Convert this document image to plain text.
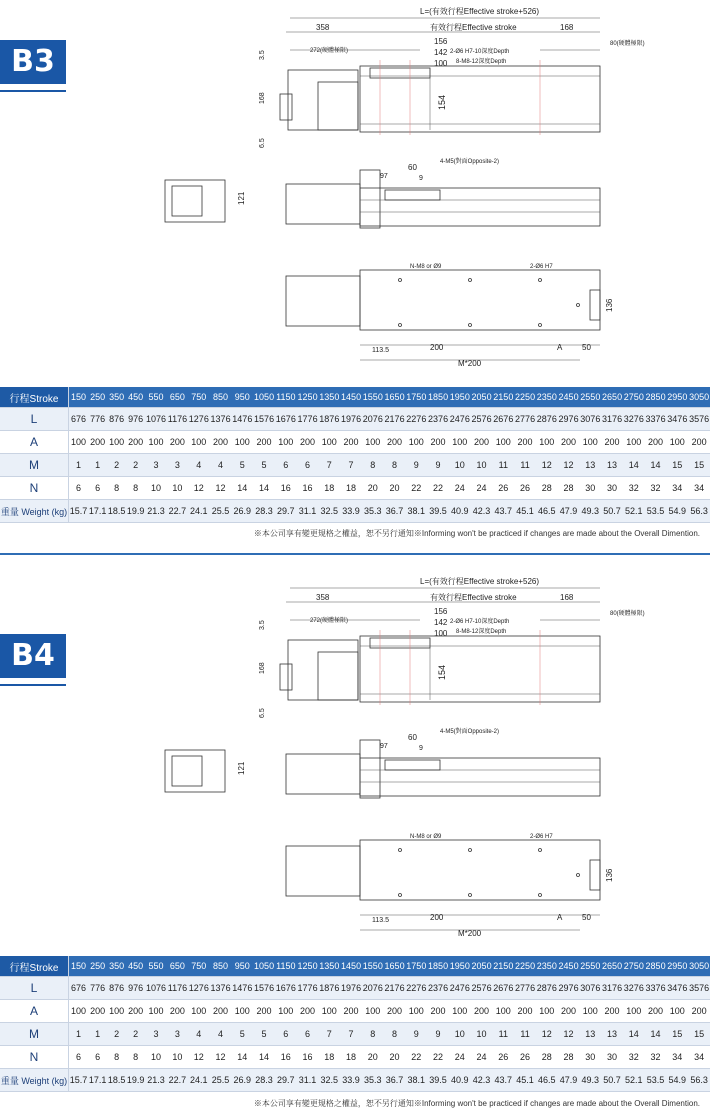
B3
L=(有效行程Effective stroke+526)
358	有效行程Effective stroke	168
156
142
100
272(硬體極限)
80(硬體極限)
2-Ø6 H7-10深度Depth
8-M8-12深度Depth
3.5
168
6.5
154
121
97
60
9
4-M5(對面Opposite-2)
N-M8 or Ø9	2-Ø6 H7
136
113.5	200	A 50
M*200
行程Stroke	150	250	350	450	550	650	750	850	950	1050	1150	1250	1350	1450	1550	1650	1750	1850	1950	2050	2150	2250	2350	2450	2550	2650	2750	2850	2950	3050
L	676	776	876	976	1076	1176	1276	1376	1476	1576	1676	1776	1876	1976	2076	2176	2276	2376	2476	2576	2676	2776	2876	2976	3076	3176	3276	3376	3476	3576
A	100	200	100	200	100	200	100	200	100	200	100	200	100	200	100	200	100	200	100	200	100	200	100	200	100	200	100	200	100	200
M	1	1	2	2	3	3	4	4	5	5	6	6	7	7	8	8	9	9	10	10	11	11	12	12	13	13	14	14	15	15
N	6	6	8	8	10	10	12	12	14	14	16	16	18	18	20	20	22	22	24	24	26	26	28	28	30	30	32	32	34	34
重量 Weight (kg)	15.7	17.1	18.5	19.9	21.3	22.7	24.1	25.5	26.9	28.3	29.7	31.1	32.5	33.9	35.3	36.7	38.1	39.5	40.9	42.3	43.7	45.1	46.5	47.9	49.3	50.7	52.1	53.5	54.9	56.3
※本公司享有變更規格之權益，恕不另行通知※Informing won't be practiced if changes are made about the Overall Dimention.
B4
L=(有效行程Effective stroke+526)
358	有效行程Effective stroke	168
156
142
100
272(硬體極限)
80(硬體極限)
2-Ø6 H7-10深度Depth
8-M8-12深度Depth
3.5
168
6.5
154
121
97
60
9
4-M5(對面Opposite-2)
N-M8 or Ø9	2-Ø6 H7
136
113.5	200	A 50
M*200
行程Stroke	150	250	350	450	550	650	750	850	950	1050	1150	1250	1350	1450	1550	1650	1750	1850	1950	2050	2150	2250	2350	2450	2550	2650	2750	2850	2950	3050
L	676	776	876	976	1076	1176	1276	1376	1476	1576	1676	1776	1876	1976	2076	2176	2276	2376	2476	2576	2676	2776	2876	2976	3076	3176	3276	3376	3476	3576
A	100	200	100	200	100	200	100	200	100	200	100	200	100	200	100	200	100	200	100	200	100	200	100	200	100	200	100	200	100	200
M	1	1	2	2	3	3	4	4	5	5	6	6	7	7	8	8	9	9	10	10	11	11	12	12	13	13	14	14	15	15
N	6	6	8	8	10	10	12	12	14	14	16	16	18	18	20	20	22	22	24	24	26	26	28	28	30	30	32	32	34	34
重量 Weight (kg)	15.7	17.1	18.5	19.9	21.3	22.7	24.1	25.5	26.9	28.3	29.7	31.1	32.5	33.9	35.3	36.7	38.1	39.5	40.9	42.3	43.7	45.1	46.5	47.9	49.3	50.7	52.1	53.5	54.9	56.3
※本公司享有變更規格之權益，恕不另行通知※Informing won't be practiced if changes are made about the Overall Dimention.
